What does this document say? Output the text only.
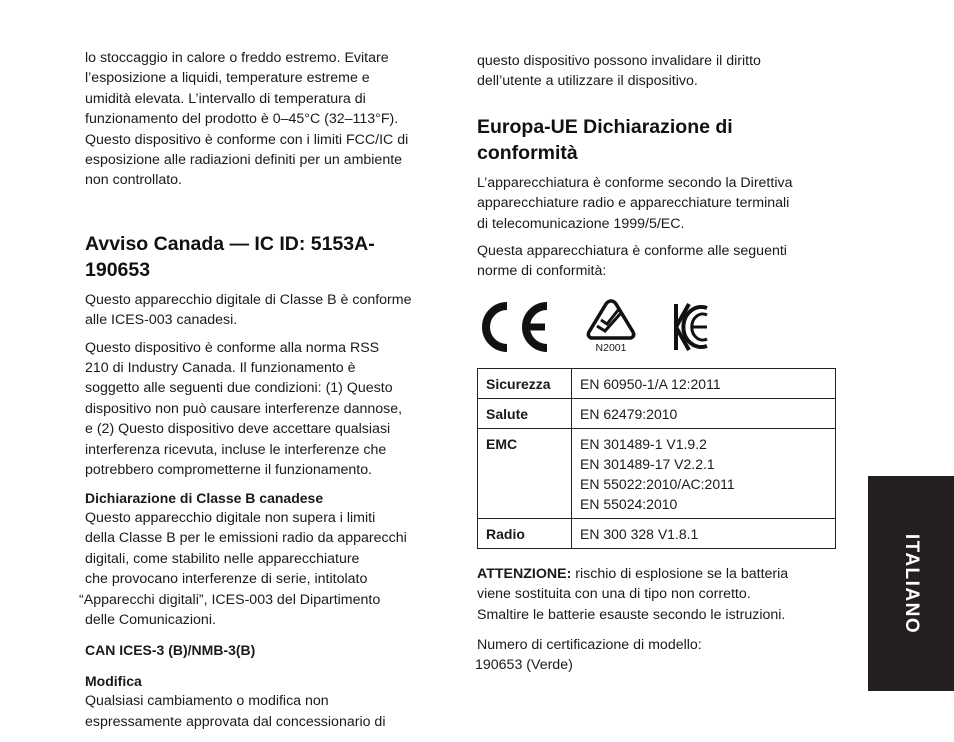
lo stoccaggio in calore o freddo estremo. Evitare

l’esposizione a liquidi, temperature estreme e

umidità elevata. L’intervallo di temperatura di

funzionamento del prodotto è 0–45°C (32–113°F).

Questo dispositivo è conforme con i limiti FCC/IC di

esposizione alle radiazioni definiti per un ambiente

non controllato.

Avviso Canada — IC ID: 5153A-
190653

Questo apparecchio digitale di Classe B è conforme

alle ICES-003 canadesi.

Questo dispositivo è conforme alla norma RSS

210 di Industry Canada. Il funzionamento è

soggetto alle seguenti due condizioni: (1) Questo

dispositivo non può causare interferenze dannose,

e (2) Questo dispositivo deve accettare qualsiasi

interferenza ricevuta, incluse le interferenze che

potrebbero comprometterne il funzionamento.

Dichiarazione di Classe B canadese

Questo apparecchio digitale non supera i limiti

della Classe B per le emissioni radio da apparecchi

digitali, come stabilito nelle apparecchiature

che provocano interferenze di serie, intitolato

“Apparecchi digitali”, ICES-003 del Dipartimento

delle Comunicazioni.

CAN ICES-3 (B)/NMB-3(B)

Modifica

Qualsiasi cambiamento o modifica non

espressamente approvata dal concessionario di

questo dispositivo possono invalidare il diritto

dell’utente a utilizzare il dispositivo.

Europa-UE Dichiarazione di
conformità

L’apparecchiatura è conforme secondo la Direttiva

apparecchiature radio e apparecchiature terminali

di telecomunicazione 1999/5/EC.

Questa apparecchiatura è conforme alle seguenti

norme di conformità:

N2001
Sicurezza	EN 60950-1/A 12:2011

Salute	EN 62479:2010

EMC	EN 301489-1 V1.9.2
EN 301489-17 V2.2.1
EN 55022:2010/AC:2011
EN 55024:2010

Radio	EN 300 328 V1.8.1

ATTENZIONE: rischio di esplosione se la batteria

viene sostituita con una di tipo non corretto.

Smaltire le batterie esauste secondo le istruzioni.

Numero di certificazione di modello:

190653 (Verde)

ITALIANO
